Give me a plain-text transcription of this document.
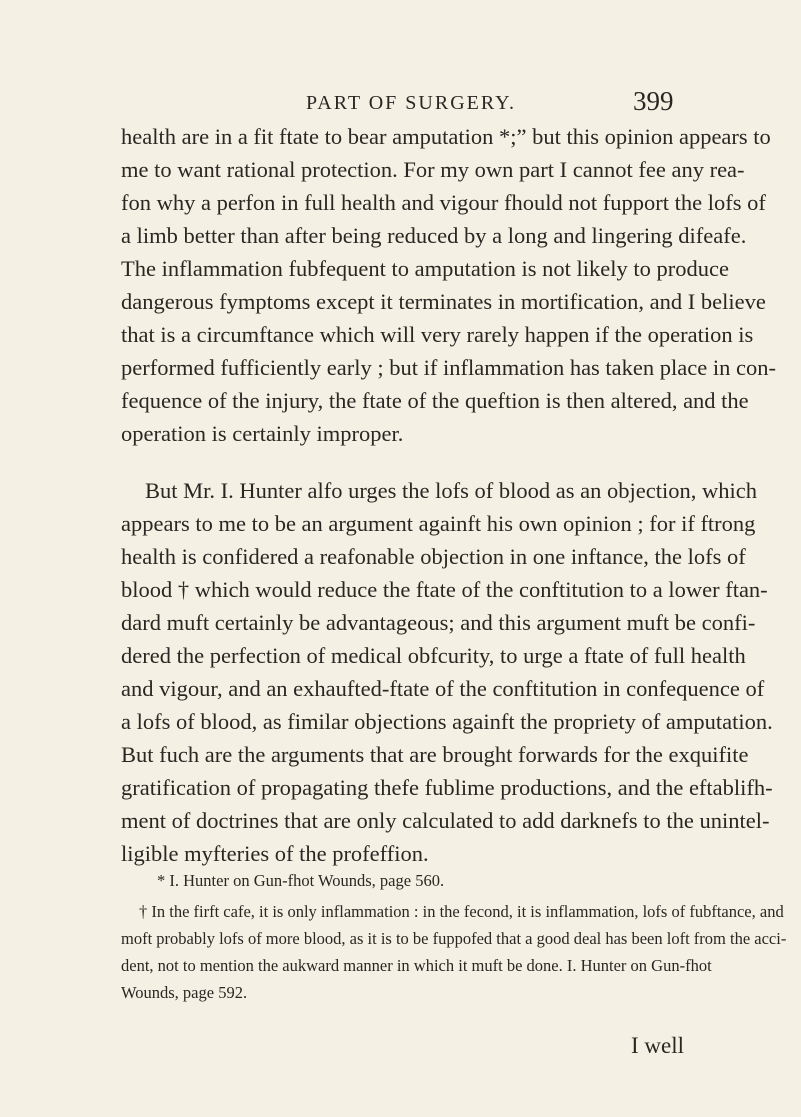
PART OF SURGERY.	399
health are in a fit ftate to bear amputation *;” but this opinion appears to
me to want rational protection. For my own part I cannot fee any rea-
fon why a perfon in full health and vigour fhould not fupport the lofs of
a limb better than after being reduced by a long and lingering difeafe.
The inflammation fubfequent to amputation is not likely to produce
dangerous fymptoms except it terminates in mortification, and I believe
that is a circumftance which will very rarely happen if the operation is
performed fufficiently early ; but if inflammation has taken place in con-
fequence of the injury, the ftate of the queftion is then altered, and the
operation is certainly improper.
But Mr. I. Hunter alfo urges the lofs of blood as an objection, which
appears to me to be an argument againft his own opinion ; for if ftrong
health is confidered a reafonable objection in one inftance, the lofs of
blood † which would reduce the ftate of the conftitution to a lower ftan-
dard muft certainly be advantageous; and this argument muft be confi-
dered the perfection of medical obfcurity, to urge a ftate of full health
and vigour, and an exhaufted-ftate of the conftitution in confequence of
a lofs of blood, as fimilar objections againft the propriety of amputation.
But fuch are the arguments that are brought forwards for the exquifite
gratification of propagating thefe fublime productions, and the eftablifh-
ment of doctrines that are only calculated to add darknefs to the unintel-
ligible myfteries of the profeffion.
* I. Hunter on Gun-fhot Wounds, page 560.
† In the firft cafe, it is only inflammation : in the fecond, it is inflammation, lofs of fubftance, and
moft probably lofs of more blood, as it is to be fuppofed that a good deal has been loft from the acci-
dent, not to mention the aukward manner in which it muft be done. I. Hunter on Gun-fhot
Wounds, page 592.
I well
